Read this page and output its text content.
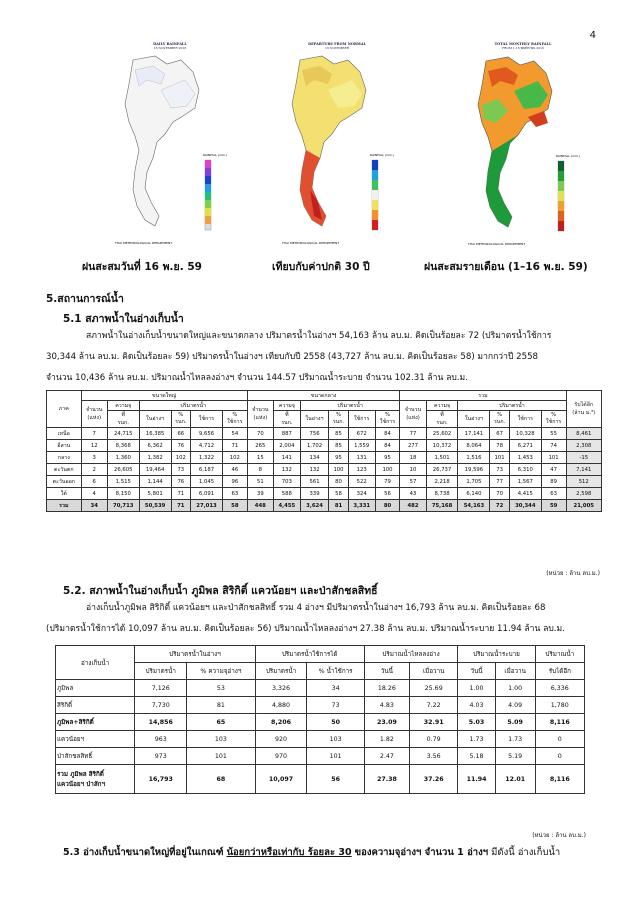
4
DAILY RAINFALL
16 NOVEMBER 2016
RAINFALL (mm.)
THAI METEOROLOGICAL DEPARTMENT
DEPARTURE FROM NORMAL
16 NOVEMBER
RAINFALL (mm.)
THAI METEOROLOGICAL DEPARTMENT
TOTAL MONTHLY RAINFALL
FROM 1-16 พฤศจิกายน 2016
RAINFALL (mm.)
THAI METEOROLOGICAL DEPARTMENT
ฝนสะสมวันที่ 16 พ.ย. 59	เทียบกับค่าปกติ 30 ปี	ฝนสะสมรายเดือน (1–16 พ.ย. 59)
5.สถานการณ์น้ำ
5.1 สภาพน้ำในอ่างเก็บน้ำ
สภาพน้ำในอ่างเก็บน้ำขนาดใหญ่และขนาดกลาง ปริมาตรน้ำในอ่างฯ 54,163 ล้าน ลบ.ม. คิดเป็นร้อยละ 72 (ปริมาตรน้ำใช้การ
30,344 ล้าน ลบ.ม. คิดเป็นร้อยละ 59) ปริมาตรน้ำในอ่างฯ เทียบกับปี 2558 (43,727 ล้าน ลบ.ม. คิดเป็นร้อยละ 58) มากกว่าปี 2558
จำนวน 10,436 ล้าน ลบ.ม. ปริมาณน้ำไหลลงอ่างฯ จำนวน 144.57 ปริมาณน้ำระบาย จำนวน 102.31 ล้าน ลบ.ม.
ภาค	ขนาดใหญ่						ขนาดกลาง						รวม						รับได้อีก
(ล้าน ม.³)
	จำนวน
(แห่ง)	ความจุ	ปริมาตรน้ำ				จำนวน
(แห่ง)	ความจุ	ปริมาตรน้ำ				จำนวน
(แห่ง)	ความจุ	ปริมาตรน้ำ				
		ที่
รนก.	ในอ่างฯ	%
รนก.	ใช้การ	%
ใช้การ		ที่
รนก.	ในอ่างฯ	%
รนก.	ใช้การ	%
ใช้การ		ที่
รนก.	ในอ่างฯ	%
รนก.	ใช้การ	%
ใช้การ	
เหนือ	7	24,715	16,385	66	9,656	54	70	887	756	85	672	84	77	25,602	17,141	67	10,328	55	8,461
อีสาน	12	8,368	6,362	76	4,712	71	265	2,004	1,702	85	1,559	84	277	10,372	8,064	78	6,271	74	2,308
กลาง	3	1,360	1,382	102	1,322	102	15	141	134	95	131	95	18	1,501	1,516	101	1,453	101	-15
ตะวันตก	2	26,605	19,464	73	6,187	46	8	132	132	100	123	100	10	26,737	19,596	73	6,310	47	7,141
ตะวันออก	6	1,515	1,144	76	1,045	96	51	703	561	80	522	79	57	2,218	1,705	77	1,567	89	512
ใต้	4	8,150	5,801	71	6,091	63	39	588	339	58	324	56	43	8,738	6,140	70	4,415	63	2,598
รวม	34	70,713	50,539	71	27,013	58	448	4,455	3,624	81	3,331	80	482	75,168	54,163	72	30,344	59	21,005
(หน่วย : ล้าน ลบ.ม.)
5.2. สภาพน้ำในอ่างเก็บน้ำ ภูมิพล สิริกิติ์ แควน้อยฯ และป่าสักชลสิทธิ์
อ่างเก็บน้ำภูมิพล สิริกิติ์ แควน้อยฯ และป่าสักชลสิทธิ์ รวม 4 อ่างฯ มีปริมาตรน้ำในอ่างฯ 16,793 ล้าน ลบ.ม. คิดเป็นร้อยละ 68
(ปริมาตรน้ำใช้การได้ 10,097 ล้าน ลบ.ม. คิดเป็นร้อยละ 56) ปริมาณน้ำไหลลงอ่างฯ 27.38 ล้าน ลบ.ม. ปริมาณน้ำระบาย 11.94 ล้าน ลบ.ม.
อ่างเก็บน้ำ	ปริมาตรน้ำในอ่างฯ		ปริมาตรน้ำใช้การได้		ปริมาณน้ำไหลลงอ่าง		ปริมาณน้ำระบาย		ปริมาณน้ำ
	ปริมาตรน้ำ	% ความจุอ่างฯ	ปริมาตรน้ำ	% น้ำใช้การ	วันนี้	เมื่อวาน	วันนี้	เมื่อวาน	รับได้อีก
ภูมิพล	7,126	53	3,326	34	18.26	25.69	1.00	1.00	6,336
สิริกิติ์	7,730	81	4,880	73	4.83	7.22	4.03	4.09	1,780
ภูมิพล+สิริกิติ์	14,856	65	8,206	50	23.09	32.91	5.03	5.09	8,116
แควน้อยฯ	963	103	920	103	1.82	0.79	1.73	1.73	0
ป่าสักชลสิทธิ์	973	101	970	101	2.47	3.56	5.18	5.19	0
รวม ภูมิพล สิริกิติ์
แควน้อยฯ ป่าสักฯ	16,793	68	10,097	56	27.38	37.26	11.94	12.01	8,116
(หน่วย : ล้าน ลบ.ม.)
5.3 อ่างเก็บน้ำขนาดใหญ่ที่อยู่ในเกณฑ์ น้อยกว่าหรือเท่ากับ ร้อยละ 30 ของความจุอ่างฯ จำนวน 1 อ่างฯ มีดังนี้ อ่างเก็บน้ำ
